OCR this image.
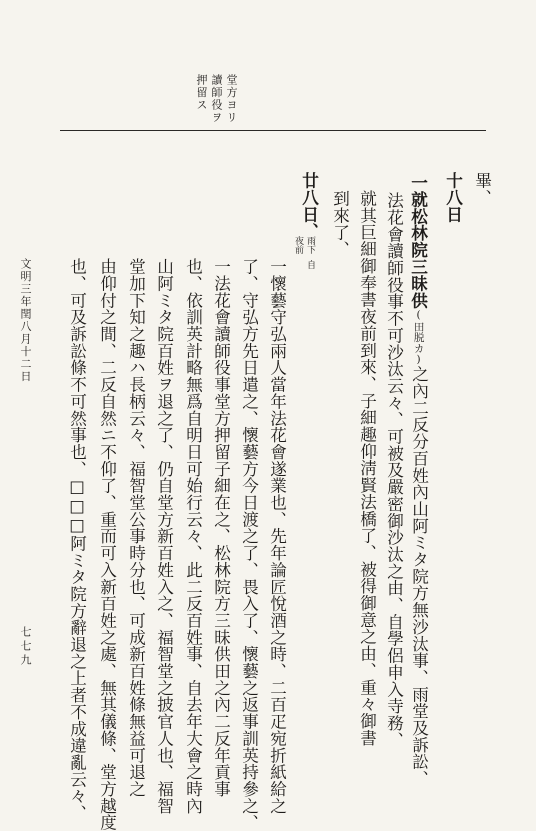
堂方ヨリ
讀師役ヲ
押留ス
畢、
十八日
一就松林院三昧供(田脱カ)之內二反分百姓內山阿ミタ院方無沙汰事、雨堂及訴訟、
法花會讀師役事不可沙汰云々、可被及嚴密御沙汰之由、自學侶申入寺務、
就其巨細御奉書夜前到來、子細趣仰淸賢法橋了、被得御意之由、重々御書
到來了、
廿八日、
雨下
夜前
自
一懷藝守弘兩人當年法花會遂業也、先年論匠悅酒之時、二百疋宛折紙給之
了、守弘方先日遣之、懷藝方今日渡之了、畏入了、懷藝之返事訓英持參之、
一法花會讀師役事堂方押留子細在之、松林院方三昧供田之內二反年貢事
也、依訓英計略無爲自明日可始行云々、此二反百姓事、自去年大會之時內
山阿ミタ院百姓ヲ退之了、仍自堂方新百姓入之、福智堂之披官人也、福智
堂加下知之趣ハ長柄云々、福智堂公事時分也、可成新百姓條無益可退之
由仰付之間、二反自然ニ不仰了、重而可入新百姓之處、無其儀條、堂方越度
也、可及訴訟條不可然事也、□□□阿ミタ院方辭退之上者不成違亂云々、
文明三年閏八月十二日
七七九
